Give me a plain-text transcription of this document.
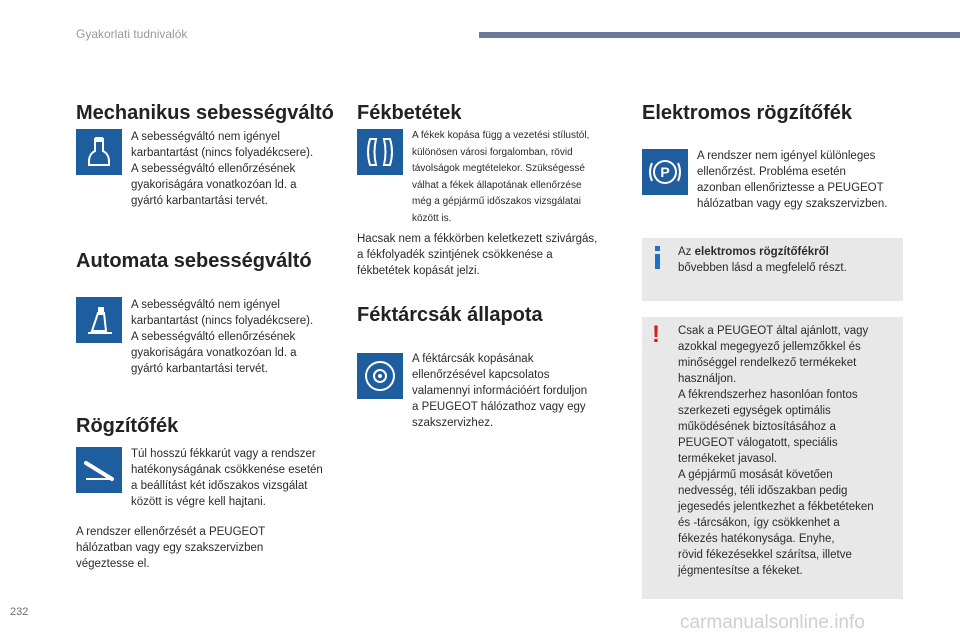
Gyakorlati tudnivalók
Mechanikus sebességváltó
A sebességváltó nem igényel
karbantartást (nincs folyadékcsere).
A sebességváltó ellenőrzésének
gyakoriságára vonatkozóan ld. a
gyártó karbantartási tervét.
Automata sebességváltó
A sebességváltó nem igényel
karbantartást (nincs folyadékcsere).
A sebességváltó ellenőrzésének
gyakoriságára vonatkozóan ld. a
gyártó karbantartási tervét.
Rögzítőfék
Túl hosszú fékkarút vagy a rendszer
hatékonyságának csökkenése esetén
a beállítást két időszakos vizsgálat
között is végre kell hajtani.
A rendszer ellenőrzését a PEUGEOT
hálózatban vagy egy szakszervizben
végeztesse el.
Fékbetétek
A fékek kopása függ a vezetési stílustól,
különösen városi forgalomban, rövid
távolságok megtételekor. Szükségessé
válhat a fékek állapotának ellenőrzése
még a gépjármű időszakos vizsgálatai
között is.
Hacsak nem a fékkörben keletkezett szivárgás,
a fékfolyadék szintjének csökkenése a
fékbetétek kopását jelzi.
Féktárcsák állapota
A féktárcsák kopásának
ellenőrzésével kapcsolatos
valamennyi információért forduljon
a PEUGEOT hálózathoz vagy egy
szakszervizhez.
Elektromos rögzítőfék
P
A rendszer nem igényel különleges
ellenőrzést. Probléma esetén
azonban ellenőriztesse a PEUGEOT
hálózatban vagy egy szakszervizben.
Az elektromos rögzítőfékről
bővebben lásd a megfelelő részt.
!	Csak a PEUGEOT által ajánlott, vagy
azokkal megegyező jellemzőkkel és
minőséggel rendelkező termékeket
használjon.
A fékrendszerhez hasonlóan fontos
szerkezeti egységek optimális
működésének biztosításához a
PEUGEOT válogatott, speciális
termékeket javasol.
A gépjármű mosását követően
nedvesség, téli időszakban pedig
jegesedés jelentkezhet a fékbetéteken
és -tárcsákon, így csökkenhet a
fékezés hatékonysága. Enyhe,
rövid fékezésekkel szárítsa, illetve
jégmentesítse a fékeket.
232	carmanualsonline.info
